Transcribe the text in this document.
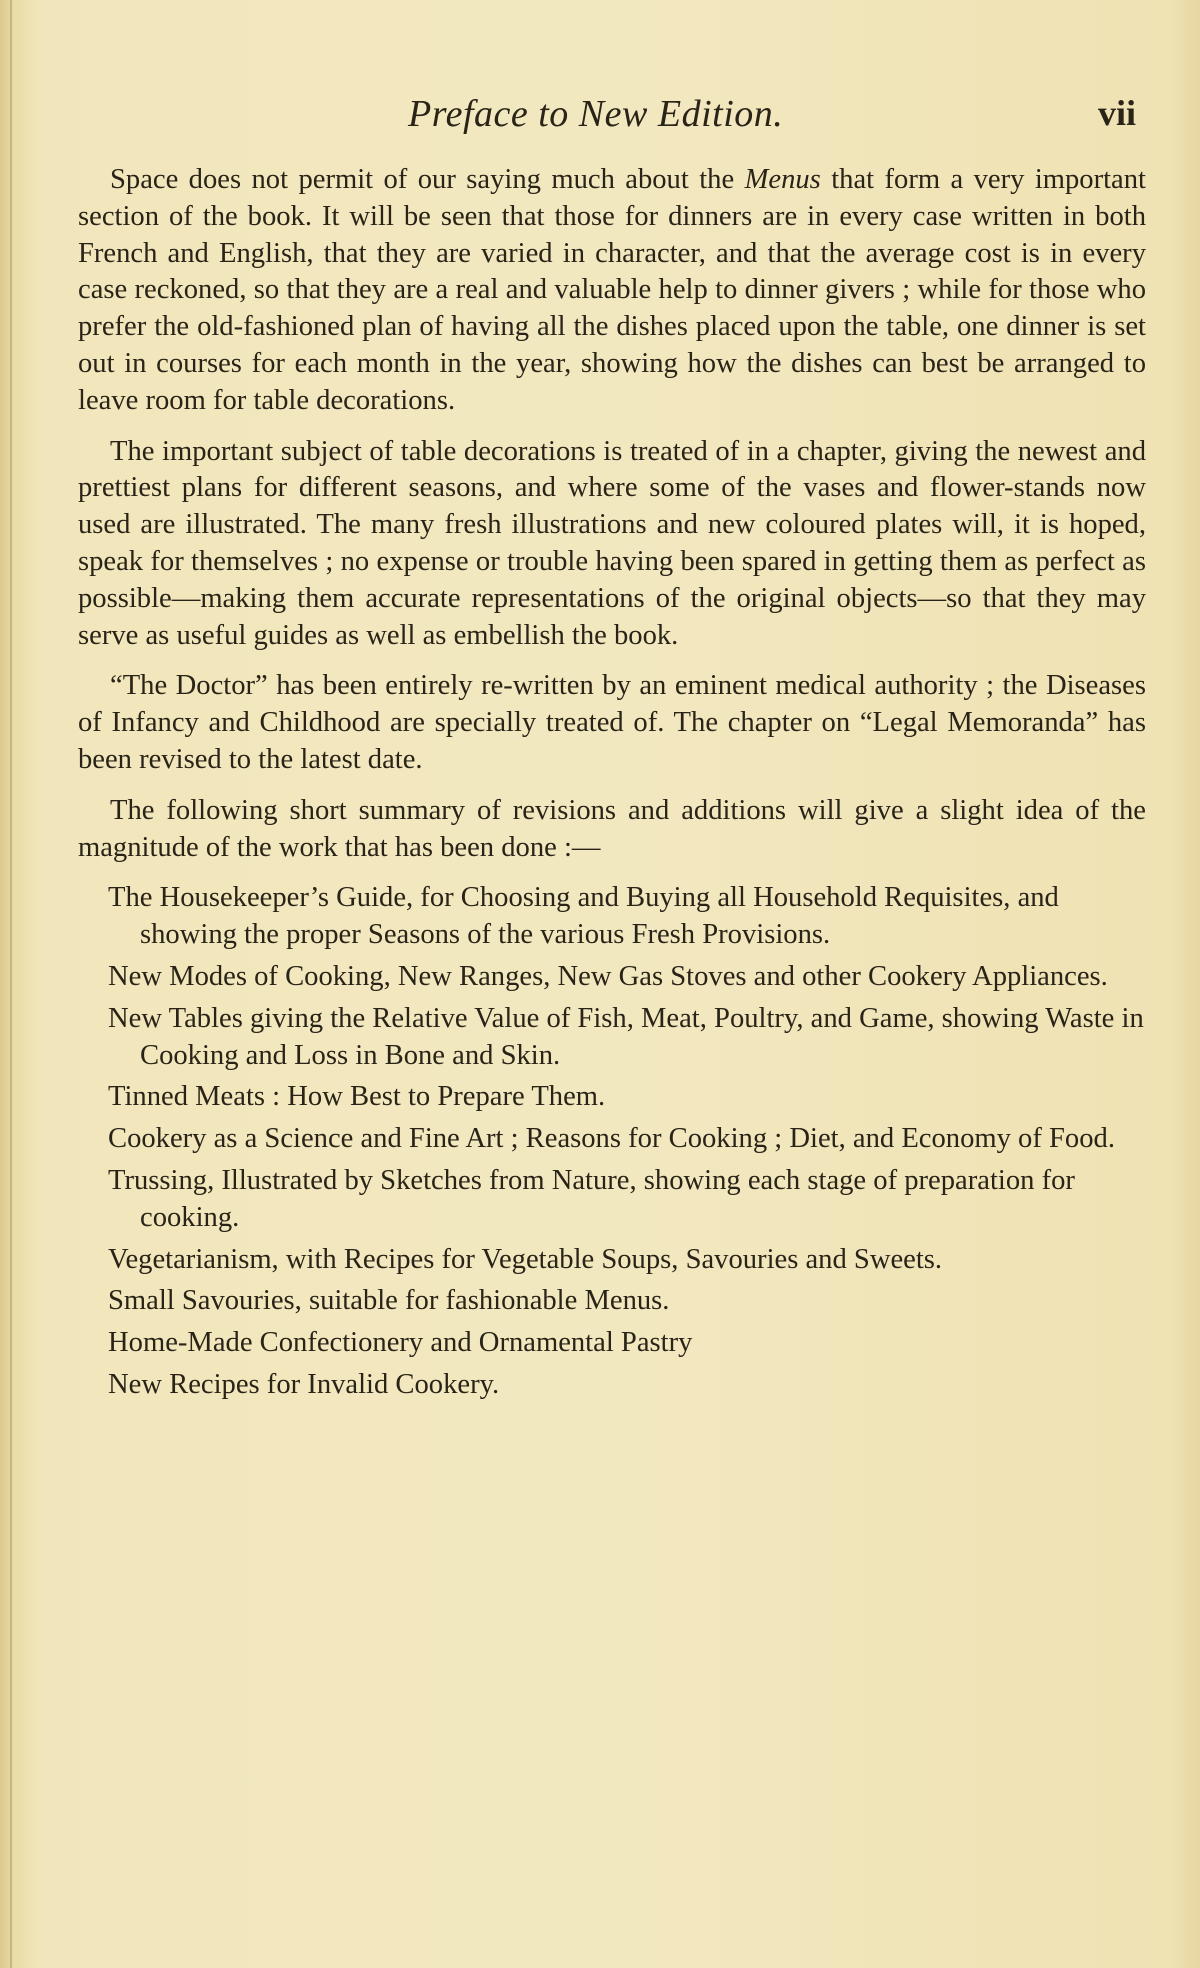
Preface to New Edition.	vii

Space does not permit of our saying much about the Menus that form a very important section of the book. It will be seen that those for dinners are in every case written in both French and English, that they are varied in character, and that the average cost is in every case reckoned, so that they are a real and valuable help to dinner givers ; while for those who prefer the old-fashioned plan of having all the dishes placed upon the table, one dinner is set out in courses for each month in the year, showing how the dishes can best be arranged to leave room for table decorations.

The important subject of table decorations is treated of in a chapter, giving the newest and prettiest plans for different seasons, and where some of the vases and flower-stands now used are illustrated. The many fresh illustrations and new coloured plates will, it is hoped, speak for themselves ; no expense or trouble having been spared in getting them as perfect as possible—making them accurate representations of the original objects—so that they may serve as useful guides as well as embellish the book.

“The Doctor” has been entirely re-written by an eminent medical authority ; the Diseases of Infancy and Childhood are specially treated of. The chapter on “Legal Memoranda” has been revised to the latest date.

The following short summary of revisions and additions will give a slight idea of the magnitude of the work that has been done :—

The Housekeeper’s Guide, for Choosing and Buying all Household Requisites, and showing the proper Seasons of the various Fresh Provisions.
New Modes of Cooking, New Ranges, New Gas Stoves and other Cookery Appliances.
New Tables giving the Relative Value of Fish, Meat, Poultry, and Game, showing Waste in Cooking and Loss in Bone and Skin.
Tinned Meats : How Best to Prepare Them.
Cookery as a Science and Fine Art ; Reasons for Cooking ; Diet, and Economy of Food.
Trussing, Illustrated by Sketches from Nature, showing each stage of preparation for cooking.
Vegetarianism, with Recipes for Vegetable Soups, Savouries and Sweets.
Small Savouries, suitable for fashionable Menus.
Home-Made Confectionery and Ornamental Pastry
New Recipes for Invalid Cookery.
